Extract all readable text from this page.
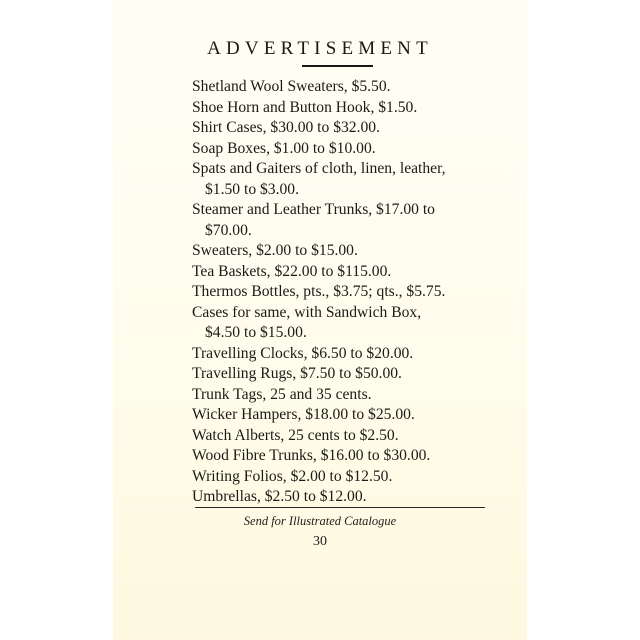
ADVERTISEMENT
Shetland Wool Sweaters, $5.50.
Shoe Horn and Button Hook, $1.50.
Shirt Cases, $30.00 to $32.00.
Soap Boxes, $1.00 to $10.00.
Spats and Gaiters of cloth, linen, leather,
$1.50 to $3.00.
Steamer and Leather Trunks, $17.00 to
$70.00.
Sweaters, $2.00 to $15.00.
Tea Baskets, $22.00 to $115.00.
Thermos Bottles, pts., $3.75; qts., $5.75.
Cases for same, with Sandwich Box,
$4.50 to $15.00.
Travelling Clocks, $6.50 to $20.00.
Travelling Rugs, $7.50 to $50.00.
Trunk Tags, 25 and 35 cents.
Wicker Hampers, $18.00 to $25.00.
Watch Alberts, 25 cents to $2.50.
Wood Fibre Trunks, $16.00 to $30.00.
Writing Folios, $2.00 to $12.50.
Umbrellas, $2.50 to $12.00.
Send for Illustrated Catalogue
30
